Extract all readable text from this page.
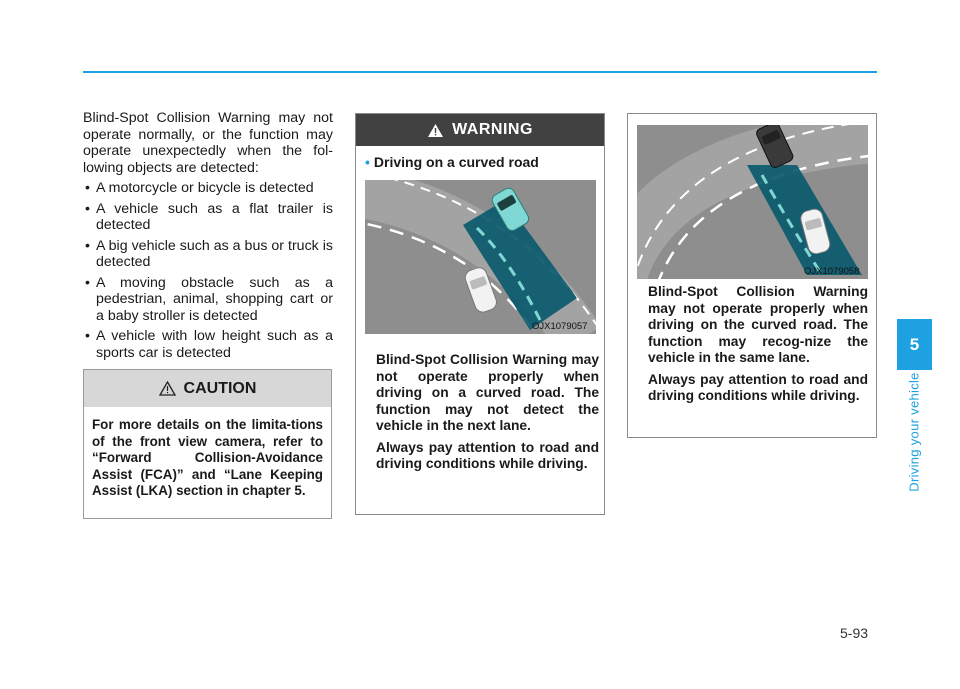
Blind-Spot Collision Warning may not operate normally, or the function may operate unexpectedly when the fol-lowing objects are detected:

• A motorcycle or bicycle is detected
• A vehicle such as a flat trailer is detected
• A big vehicle such as a bus or truck is detected
• A moving obstacle such as a pedestrian, animal, shopping cart or a baby stroller is detected
• A vehicle with low height such as a sports car is detected
CAUTION
For more details on the limita-tions of the front view camera, refer to “Forward Collision-Avoidance Assist (FCA)” and “Lane Keeping Assist (LKA) section in chapter 5.
WARNING
• Driving on a curved road
OJX1079057

Blind-Spot Collision Warning may not operate properly when driving on a curved road. The function may not detect the vehicle in the next lane.

Always pay attention to road and driving conditions while driving.

OJX1079058

Blind-Spot Collision Warning may not operate properly when driving on the curved road. The function may recog-nize the vehicle in the same lane.

Always pay attention to road and driving conditions while driving.

5
Driving your vehicle
5-93
